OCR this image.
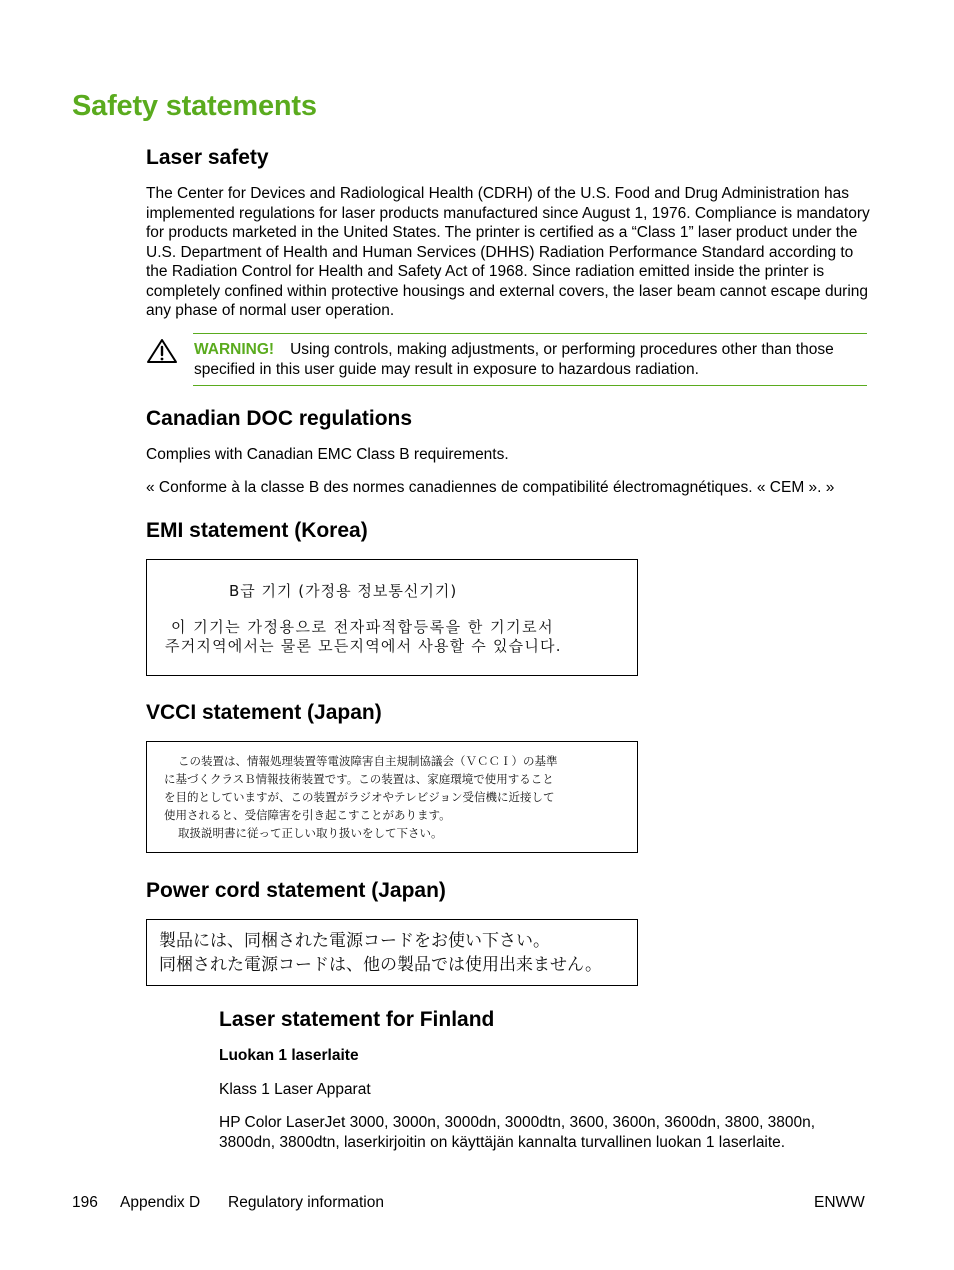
Safety statements
Laser safety
The Center for Devices and Radiological Health (CDRH) of the U.S. Food and Drug Administration has implemented regulations for laser products manufactured since August 1, 1976. Compliance is mandatory for products marketed in the United States. The printer is certified as a “Class 1” laser product under the U.S. Department of Health and Human Services (DHHS) Radiation Performance Standard according to the Radiation Control for Health and Safety Act of 1968. Since radiation emitted inside the printer is completely confined within protective housings and external covers, the laser beam cannot escape during any phase of normal user operation.
WARNING! Using controls, making adjustments, or performing procedures other than those specified in this user guide may result in exposure to hazardous radiation.
Canadian DOC regulations
Complies with Canadian EMC Class B requirements.
« Conforme à la classe B des normes canadiennes de compatibilité électromagnétiques. « CEM ». »
EMI statement (Korea)
B급 기기 (가정용 정보통신기기)
이 기기는 가정용으로 전자파적합등록을 한 기기로서
주거지역에서는 물론 모든지역에서 사용할 수 있습니다.
VCCI statement (Japan)
この装置は、情報処理装置等電波障害自主規制協議会（ＶＣＣＩ）の基準
に基づくクラスＢ情報技術装置です。この装置は、家庭環境で使用すること
を目的としていますが、この装置がラジオやテレビジョン受信機に近接して
使用されると、受信障害を引き起こすことがあります。
取扱説明書に従って正しい取り扱いをして下さい。
Power cord statement (Japan)
製品には、同梱された電源コードをお使い下さい。
同梱された電源コードは、他の製品では使用出来ません。
Laser statement for Finland
Luokan 1 laserlaite
Klass 1 Laser Apparat
HP Color LaserJet 3000, 3000n, 3000dn, 3000dtn, 3600, 3600n, 3600dn, 3800, 3800n, 3800dn, 3800dtn, laserkirjoitin on käyttäjän kannalta turvallinen luokan 1 laserlaite.
196 Appendix D Regulatory information	ENWW
